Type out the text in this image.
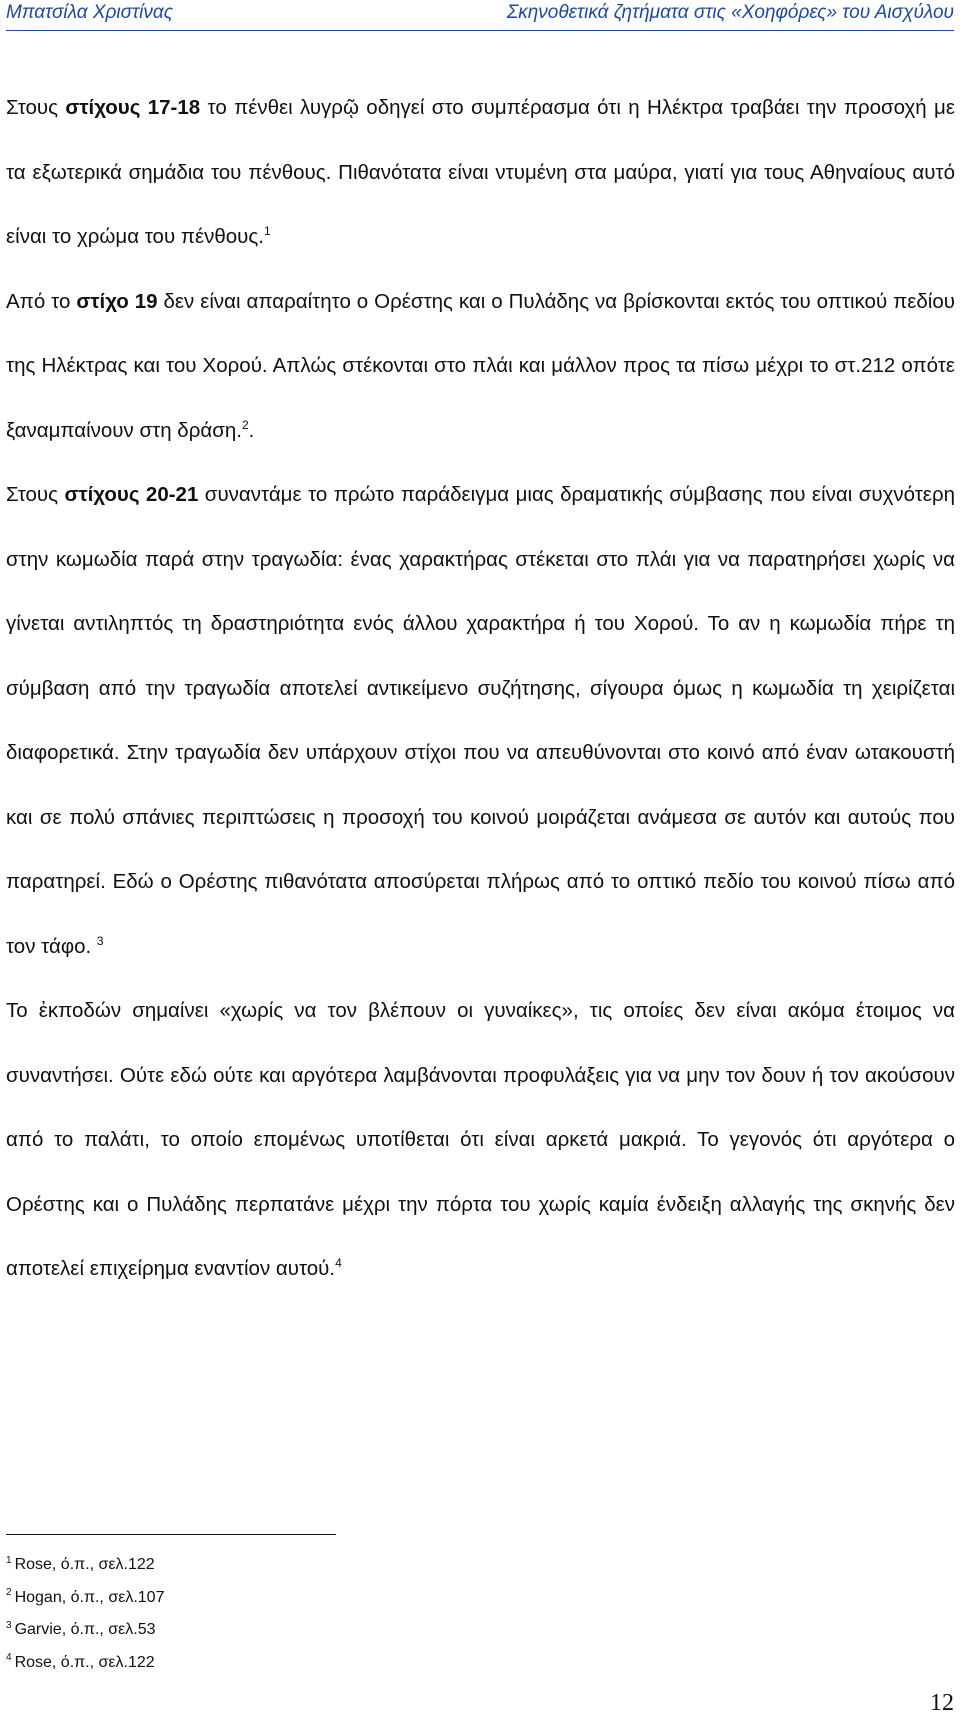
Μπατσίλα Χριστίνας	Σκηνοθετικά ζητήματα στις «Χοηφόρες» του Αισχύλου

Στους στίχους 17-18 το πένθει λυγρῷ οδηγεί στο συμπέρασμα ότι η Ηλέκτρα τραβάει την προσοχή με τα εξωτερικά σημάδια του πένθους. Πιθανότατα είναι ντυμένη στα μαύρα, γιατί για τους Αθηναίους αυτό είναι το χρώμα του πένθους.$^1$

Από το στίχο 19 δεν είναι απαραίτητο ο Ορέστης και ο Πυλάδης να βρίσκονται εκτός του οπτικού πεδίου της Ηλέκτρας και του Χορού. Απλώς στέκονται στο πλάι και μάλλον προς τα πίσω μέχρι το στ.212 οπότε ξαναμπαίνουν στη δράση.$^2$.

Στους στίχους 20-21 συναντάμε το πρώτο παράδειγμα μιας δραματικής σύμβασης που είναι συχνότερη στην κωμωδία παρά στην τραγωδία: ένας χαρακτήρας στέκεται στο πλάι για να παρατηρήσει χωρίς να γίνεται αντιληπτός τη δραστηριότητα ενός άλλου χαρακτήρα ή του Χορού. Το αν η κωμωδία πήρε τη σύμβαση από την τραγωδία αποτελεί αντικείμενο συζήτησης, σίγουρα όμως η κωμωδία τη χειρίζεται διαφορετικά. Στην τραγωδία δεν υπάρχουν στίχοι που να απευθύνονται στο κοινό από έναν ωτακουστή και σε πολύ σπάνιες περιπτώσεις η προσοχή του κοινού μοιράζεται ανάμεσα σε αυτόν και αυτούς που παρατηρεί. Εδώ ο Ορέστης πιθανότατα αποσύρεται πλήρως από το οπτικό πεδίο του κοινού πίσω από τον τάφο. $^3$

Το ἐκποδών σημαίνει «χωρίς να τον βλέπουν οι γυναίκες», τις οποίες δεν είναι ακόμα έτοιμος να συναντήσει. Ούτε εδώ ούτε και αργότερα λαμβάνονται προφυλάξεις για να μην τον δουν ή τον ακούσουν από το παλάτι, το οποίο επομένως υποτίθεται ότι είναι αρκετά μακριά. Το γεγονός ότι αργότερα ο Ορέστης και ο Πυλάδης περπατάνε μέχρι την πόρτα του χωρίς καμία ένδειξη αλλαγής της σκηνής δεν αποτελεί επιχείρημα εναντίον αυτού.$^4$

$^1$ Rose, ό.π., σελ.122
$^2$ Hogan, ό.π., σελ.107
$^3$ Garvie, ό.π., σελ.53
$^4$ Rose, ό.π., σελ.122
12
